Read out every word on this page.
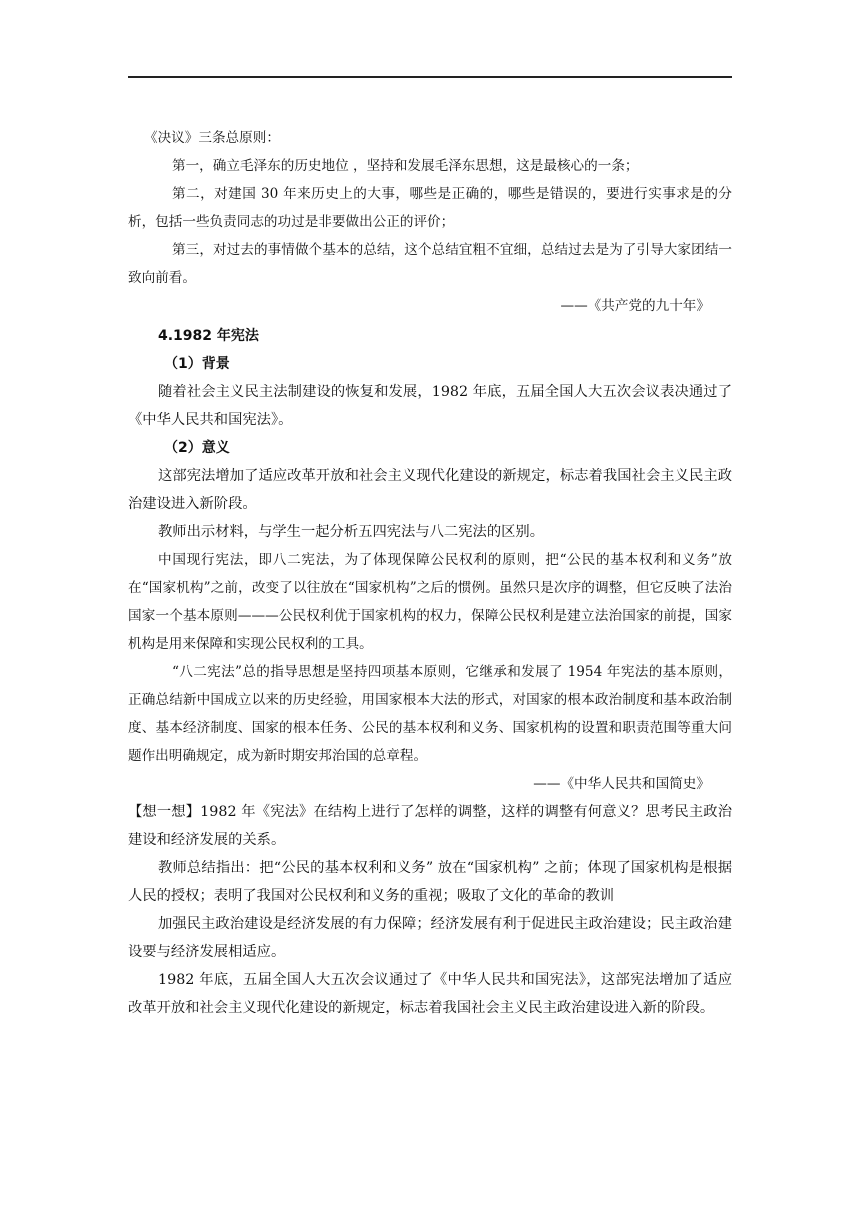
《决议》三条总原则：

第一，确立毛泽东的历史地位 ，坚持和发展毛泽东思想，这是最核心的一条；

第二，对建国 30 年来历史上的大事，哪些是正确的，哪些是错误的，要进行实事求是的分析，包括一些负责同志的功过是非要做出公正的评价；

第三，对过去的事情做个基本的总结，这个总结宜粗不宜细，总结过去是为了引导大家团结一致向前看。

——《共产党的九十年》

4.1982 年宪法

（1）背景

随着社会主义民主法制建设的恢复和发展，1982 年底，五届全国人大五次会议表决通过了《中华人民共和国宪法》。

（2）意义

这部宪法增加了适应改革开放和社会主义现代化建设的新规定，标志着我国社会主义民主政治建设进入新阶段。

教师出示材料，与学生一起分析五四宪法与八二宪法的区别。

中国现行宪法，即八二宪法，为了体现保障公民权利的原则，把“公民的基本权利和义务”放在“国家机构”之前，改变了以往放在“国家机构”之后的惯例。虽然只是次序的调整，但它反映了法治国家一个基本原则———公民权利优于国家机构的权力，保障公民权利是建立法治国家的前提，国家机构是用来保障和实现公民权利的工具。

“八二宪法”总的指导思想是坚持四项基本原则，它继承和发展了 1954 年宪法的基本原则，正确总结新中国成立以来的历史经验，用国家根本大法的形式，对国家的根本政治制度和基本政治制度、基本经济制度、国家的根本任务、公民的基本权利和义务、国家机构的设置和职责范围等重大问题作出明确规定，成为新时期安邦治国的总章程。

——《中华人民共和国简史》

【想一想】1982 年《宪法》在结构上进行了怎样的调整，这样的调整有何意义？思考民主政治建设和经济发展的关系。

教师总结指出：把“公民的基本权利和义务” 放在“国家机构” 之前；体现了国家机构是根据人民的授权；表明了我国对公民权利和义务的重视；吸取了文化的革命的教训

加强民主政治建设是经济发展的有力保障；经济发展有利于促进民主政治建设；民主政治建设要与经济发展相适应。

1982 年底，五届全国人大五次会议通过了《中华人民共和国宪法》，这部宪法增加了适应改革开放和社会主义现代化建设的新规定，标志着我国社会主义民主政治建设进入新的阶段。
